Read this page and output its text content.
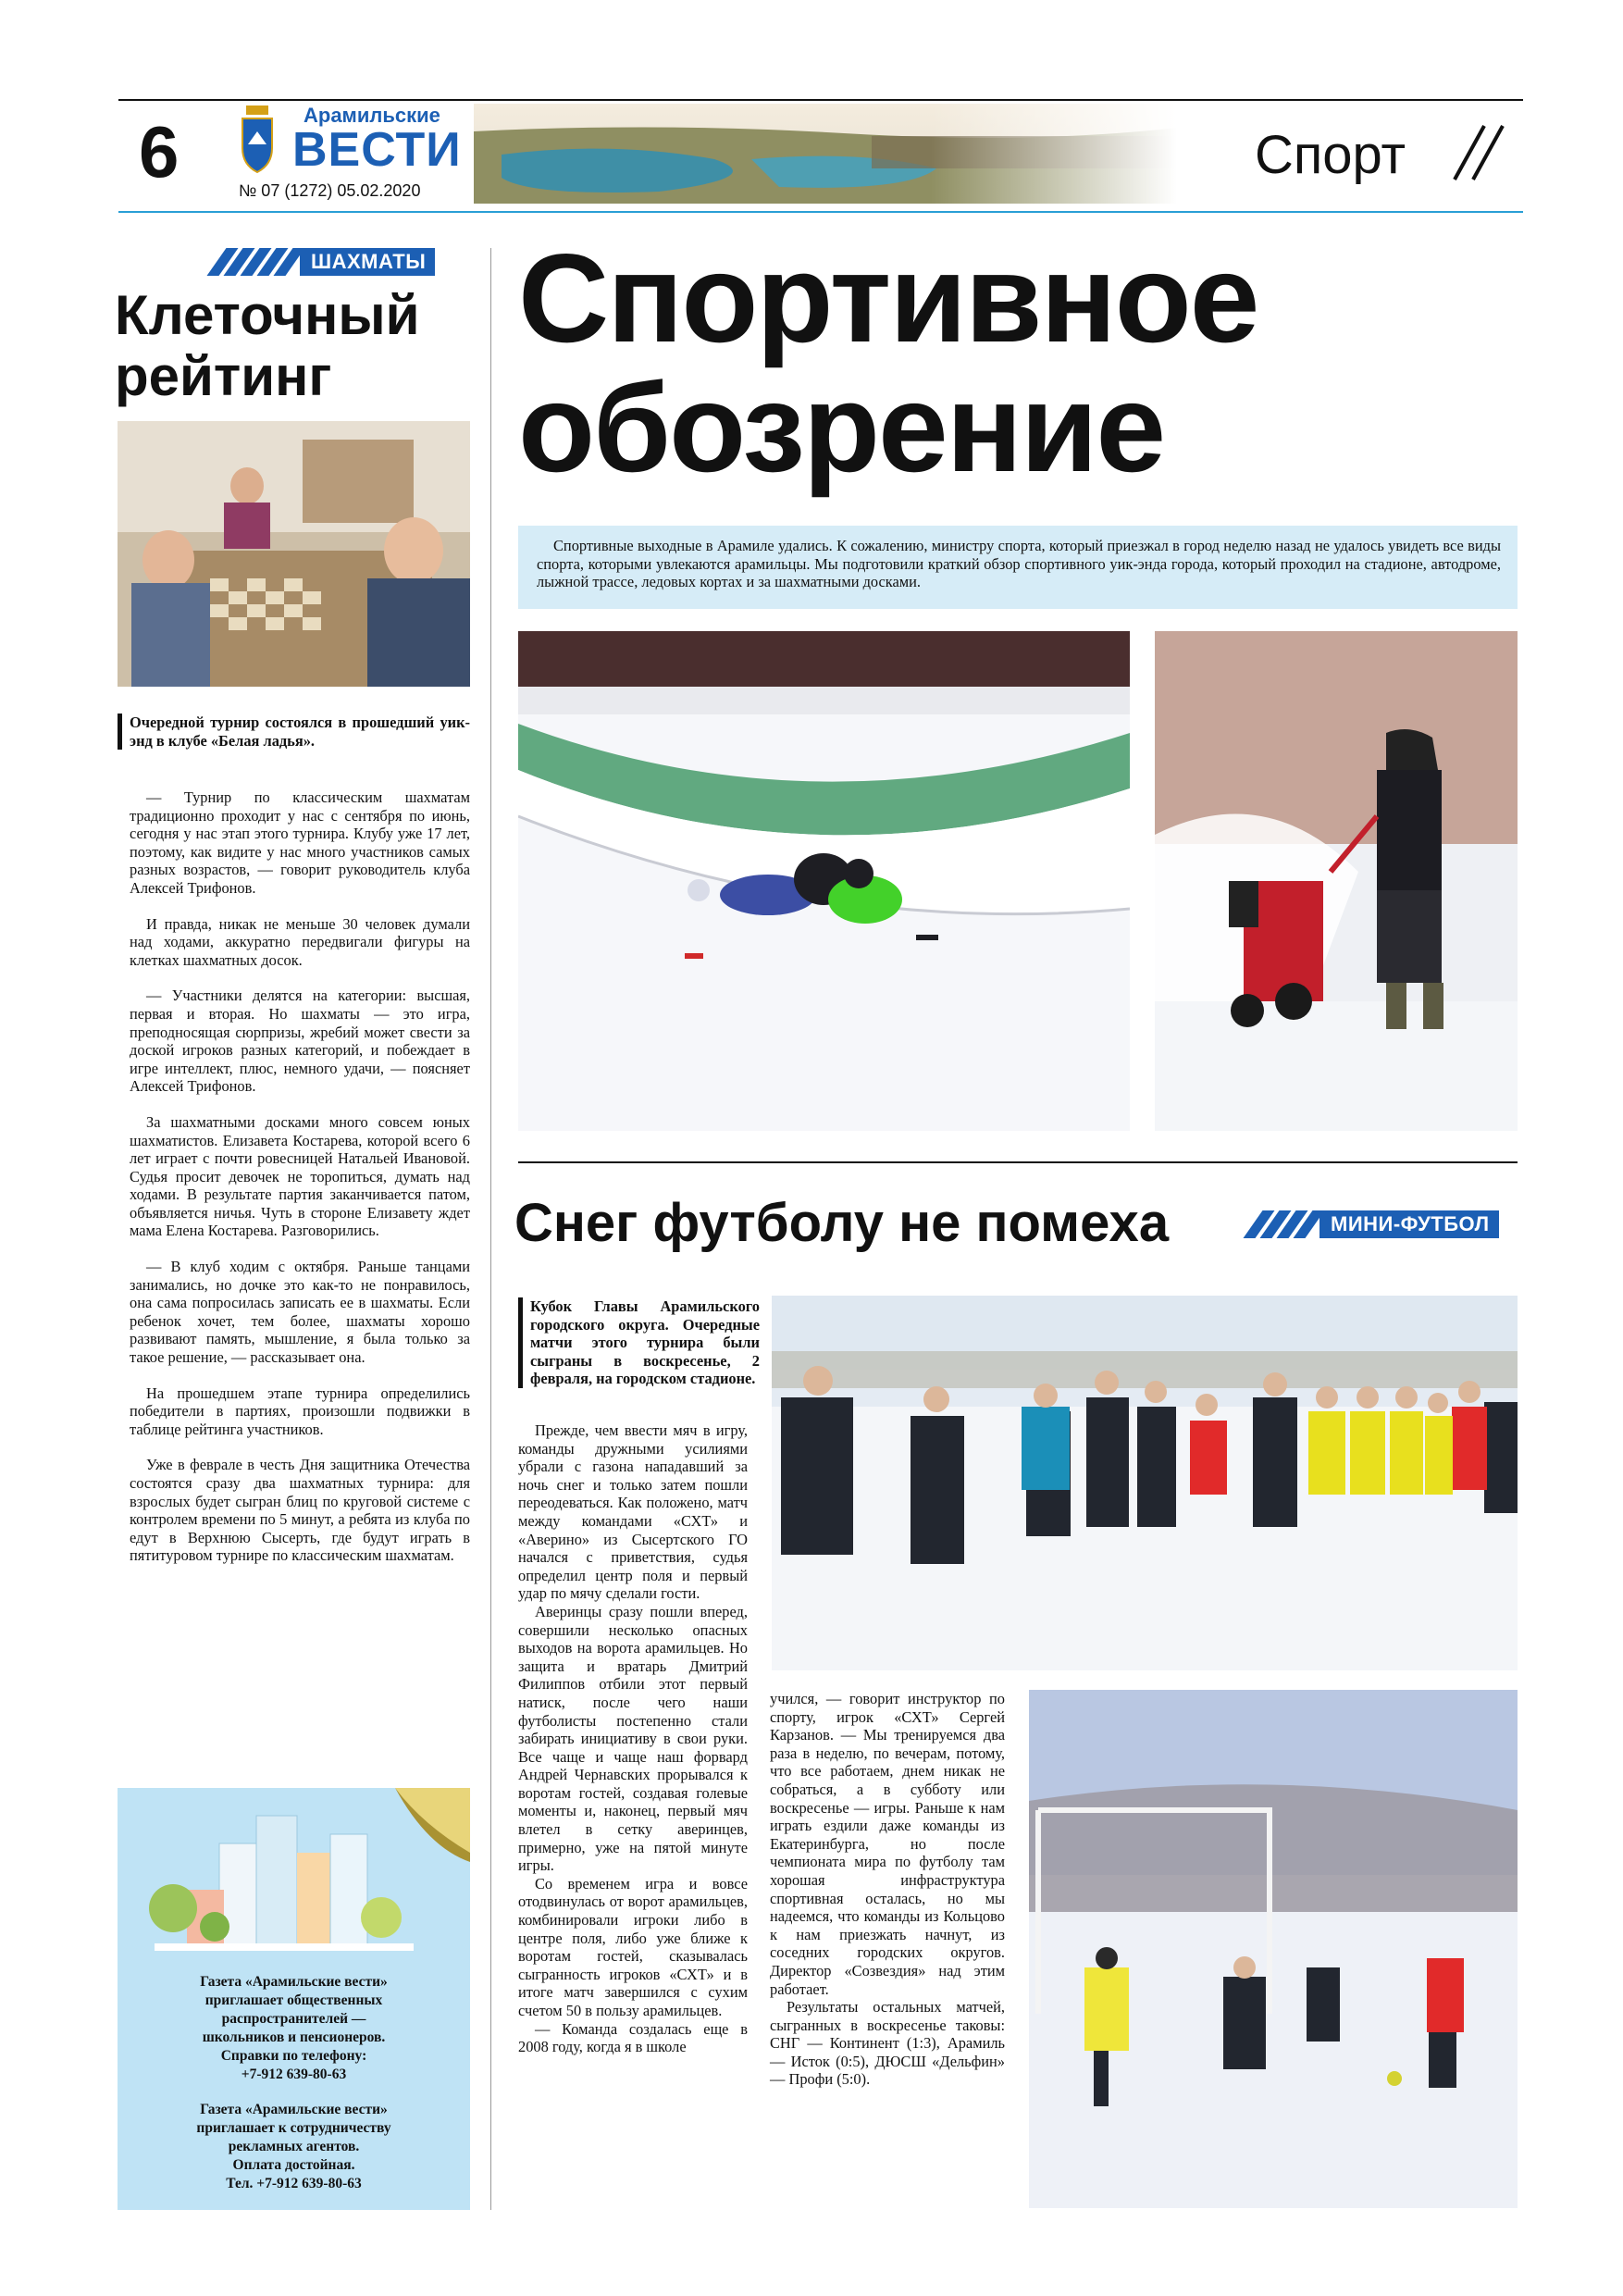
6	Арамильские
ВЕСТИ
№ 07 (1272) 05.02.2020
Спорт
ШАХМАТЫ
Клеточный
рейтинг
Очередной турнир состоялся в прошедший уик-энд в клубе «Белая ладья».

— Турнир по классическим шахматам традиционно проходит у нас с сентября по июнь, сегодня у нас этап этого турнира. Клубу уже 17 лет, поэтому, как видите у нас много участников самых разных возрастов, — говорит руководитель клуба Алексей Трифонов.

И правда, никак не меньше 30 человек думали над ходами, аккуратно передвигали фигуры на клетках шахматных досок.

— Участники делятся на категории: высшая, первая и вторая. Но шахматы — это игра, преподносящая сюрпризы, жребий может свести за доской игроков разных категорий, и побеждает в игре интеллект, плюс, немного удачи, — поясняет Алексей Трифонов.

За шахматными досками много совсем юных шахматистов. Елизавета Костарева, которой всего 6 лет играет с почти ровесницей Натальей Ивановой. Судья просит девочек не торопиться, думать над ходами. В результате партия заканчивается патом, объявляется ничья. Чуть в стороне Елизавету ждет мама Елена Костарева. Разговорились.

— В клуб ходим с октября. Раньше танцами занимались, но дочке это как-то не понравилось, она сама попросилась записать ее в шахматы. Если ребенок хочет, тем более, шахматы хорошо развивают память, мышление, я была только за такое решение, — рассказывает она.

На прошедшем этапе турнира определились победители в партиях, произошли подвижки в таблице рейтинга участников.

Уже в феврале в честь Дня защитника Отечества состоятся сразу два шахматных турнира: для взрослых будет сыгран блиц по круговой системе с контролем времени по 5 минут, а ребята из клуба по едут в Верхнюю Сысерть, где будут играть в пятитуровом турнире по классическим шахматам.

Газета «Арамильские вести»
приглашает общественных
распространителей —
школьников и пенсионеров.
Справки по телефону:
+7-912 639-80-63
Газета «Арамильские вести»
приглашает к сотрудничеству
рекламных агентов.
Оплата достойная.
Тел. +7-912 639-80-63
Спортивное
обозрение
Спортивные выходные в Арамиле удались. К сожалению, министру спорта, который приезжал в город неделю назад не удалось увидеть все виды спорта, которыми увлекаются арамильцы. Мы подготовили краткий обзор спортивного уик-энда города, который проходил на стадионе, автодроме, лыжной трассе, ледовых кортах и за шахматными досками.
Снег футболу не помеха	МИНИ-ФУТБОЛ
Кубок Главы Арамильского городского округа. Очередные матчи этого турнира были сыграны в воскресенье, 2 февраля, на городском стадионе.

Прежде, чем ввести мяч в игру, команды дружными усилиями убрали с газона нападавший за ночь снег и только затем пошли переодеваться. Как положено, матч между командами «СХТ» и «Аверино» из Сысертского ГО начался с приветствия, судья определил центр поля и первый удар по мячу сделали гости.

Аверинцы сразу пошли вперед, совершили несколько опасных выходов на ворота арамильцев. Но защита и вратарь Дмитрий Филиппов отбили этот первый натиск, после чего наши футболисты постепенно стали забирать инициативу в свои руки. Все чаще и чаще наш форвард Андрей Чернавских прорывался к воротам гостей, создавая голевые моменты и, наконец, первый мяч влетел в сетку аверинцев, примерно, уже на пятой минуте игры.

Со временем игра и вовсе отодвинулась от ворот арамильцев, комбинировали игроки либо в центре поля, либо уже ближе к воротам гостей, сказывалась сыгранность игроков «СХТ» и в итоге матч завершился с сухим счетом 50 в пользу арамильцев.

— Команда создалась еще в 2008 году, когда я в школе

учился, — говорит инструктор по спорту, игрок «СХТ» Сергей Карзанов. — Мы тренируемся два раза в неделю, по вечерам, потому, что все работаем, днем никак не собраться, а в субботу или воскресенье — игры. Раньше к нам играть ездили даже команды из Екатеринбурга, но после чемпионата мира по футболу там хорошая инфраструктура спортивная осталась, но мы надеемся, что команды из Кольцово к нам приезжать начнут, из соседних городских округов. Директор «Созвездия» над этим работает.

Результаты остальных матчей, сыгранных в воскресенье таковы: СНГ — Континент (1:3), Арамиль — Исток (0:5), ДЮСШ «Дельфин» — Профи (5:0).
